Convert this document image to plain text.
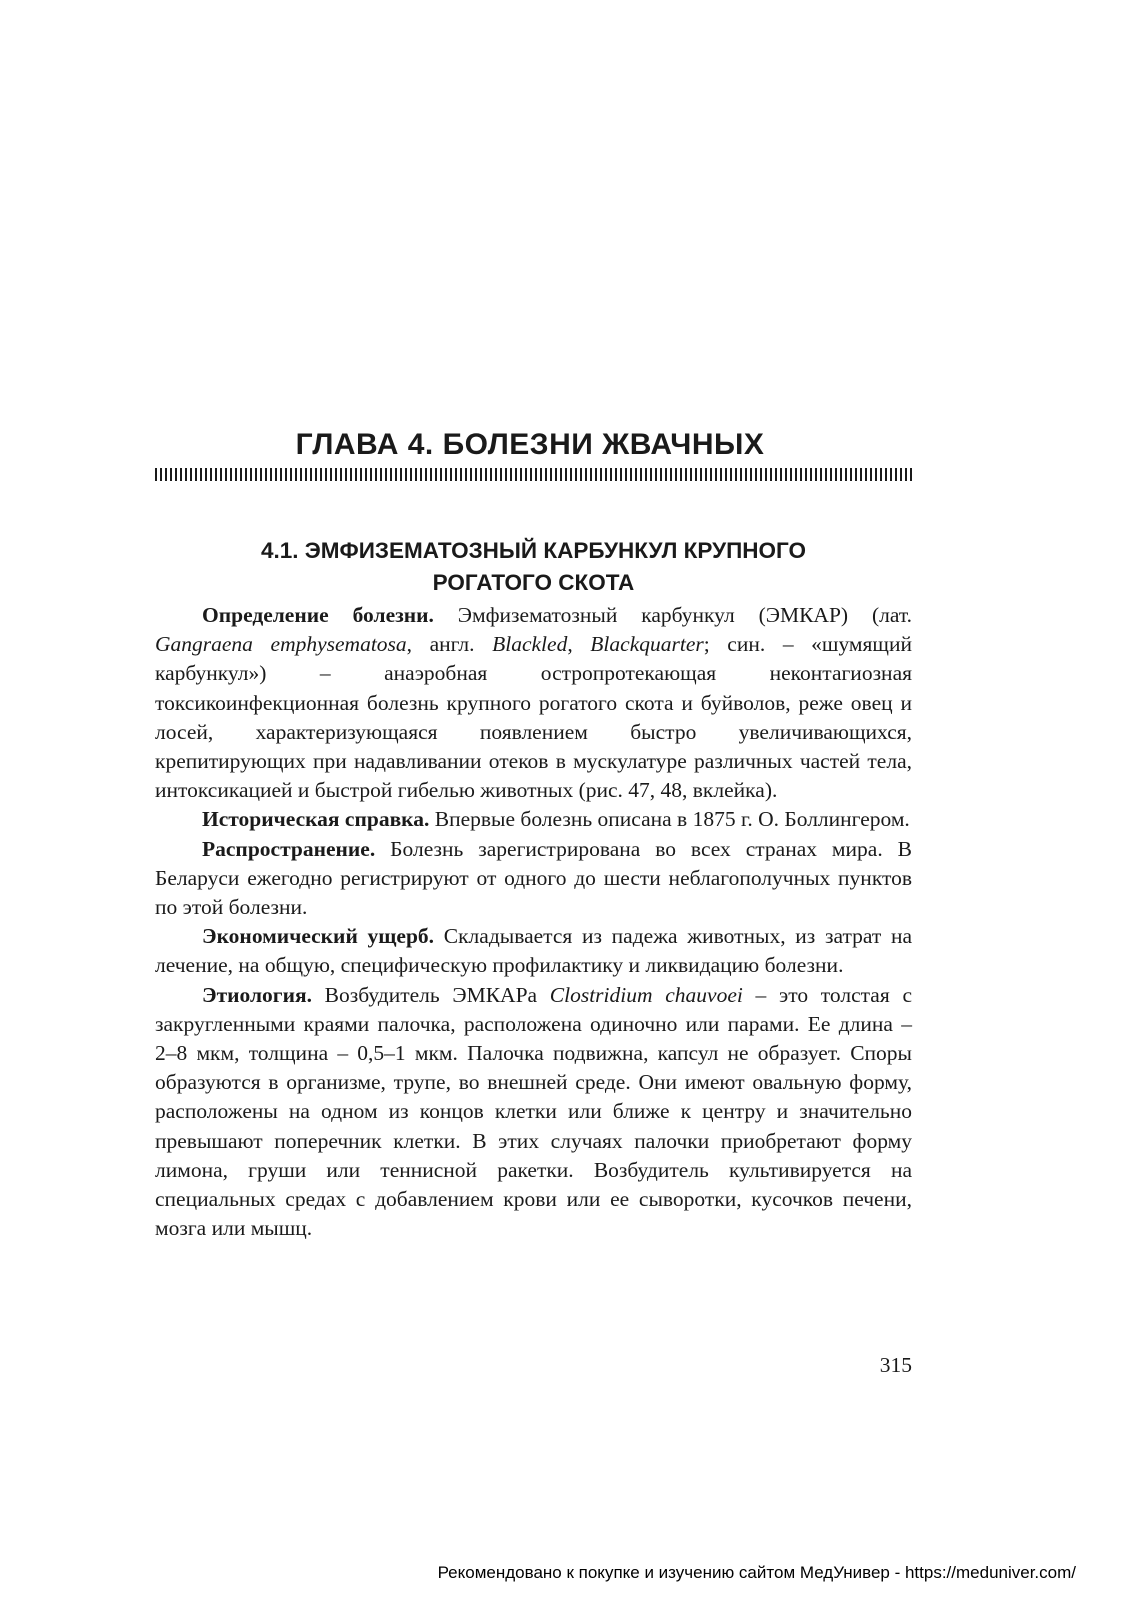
ГЛАВА 4. БОЛЕЗНИ ЖВАЧНЫХ
4.1. ЭМФИЗЕМАТОЗНЫЙ КАРБУНКУЛ КРУПНОГО
РОГАТОГО СКОТА

Определение болезни. Эмфизематозный карбункул (ЭМКАР) (лат. Gangraena emphysematosa, англ. Blackled, Blackquarter; син. – «шумящий карбункул») – анаэробная остропротекающая неконтагиозная токсикоинфекционная болезнь крупного рогатого скота и буйволов, реже овец и лосей, характеризующаяся появлением быстро увеличивающихся, крепитирующих при надавливании отеков в мускулатуре различных частей тела, интоксикацией и быстрой гибелью животных (рис. 47, 48, вклейка).

Историческая справка. Впервые болезнь описана в 1875 г. О. Боллингером.

Распространение. Болезнь зарегистрирована во всех странах мира. В Беларуси ежегодно регистрируют от одного до шести неблагополучных пунктов по этой болезни.

Экономический ущерб. Складывается из падежа животных, из затрат на лечение, на общую, специфическую профилактику и ликвидацию болезни.

Этиология. Возбудитель ЭМКАРа Clostridium chauvoei – это толстая с закругленными краями палочка, расположена одиночно или парами. Ее длина – 2–8 мкм, толщина – 0,5–1 мкм. Палочка подвижна, капсул не образует. Споры образуются в организме, трупе, во внешней среде. Они имеют овальную форму, расположены на одном из концов клетки или ближе к центру и значительно превышают поперечник клетки. В этих случаях палочки приобретают форму лимона, груши или теннисной ракетки. Возбудитель культивируется на специальных средах с добавлением крови или ее сыворотки, кусочков печени, мозга или мышц.

315
Рекомендовано к покупке и изучению сайтом МедУнивер - https://meduniver.com/
